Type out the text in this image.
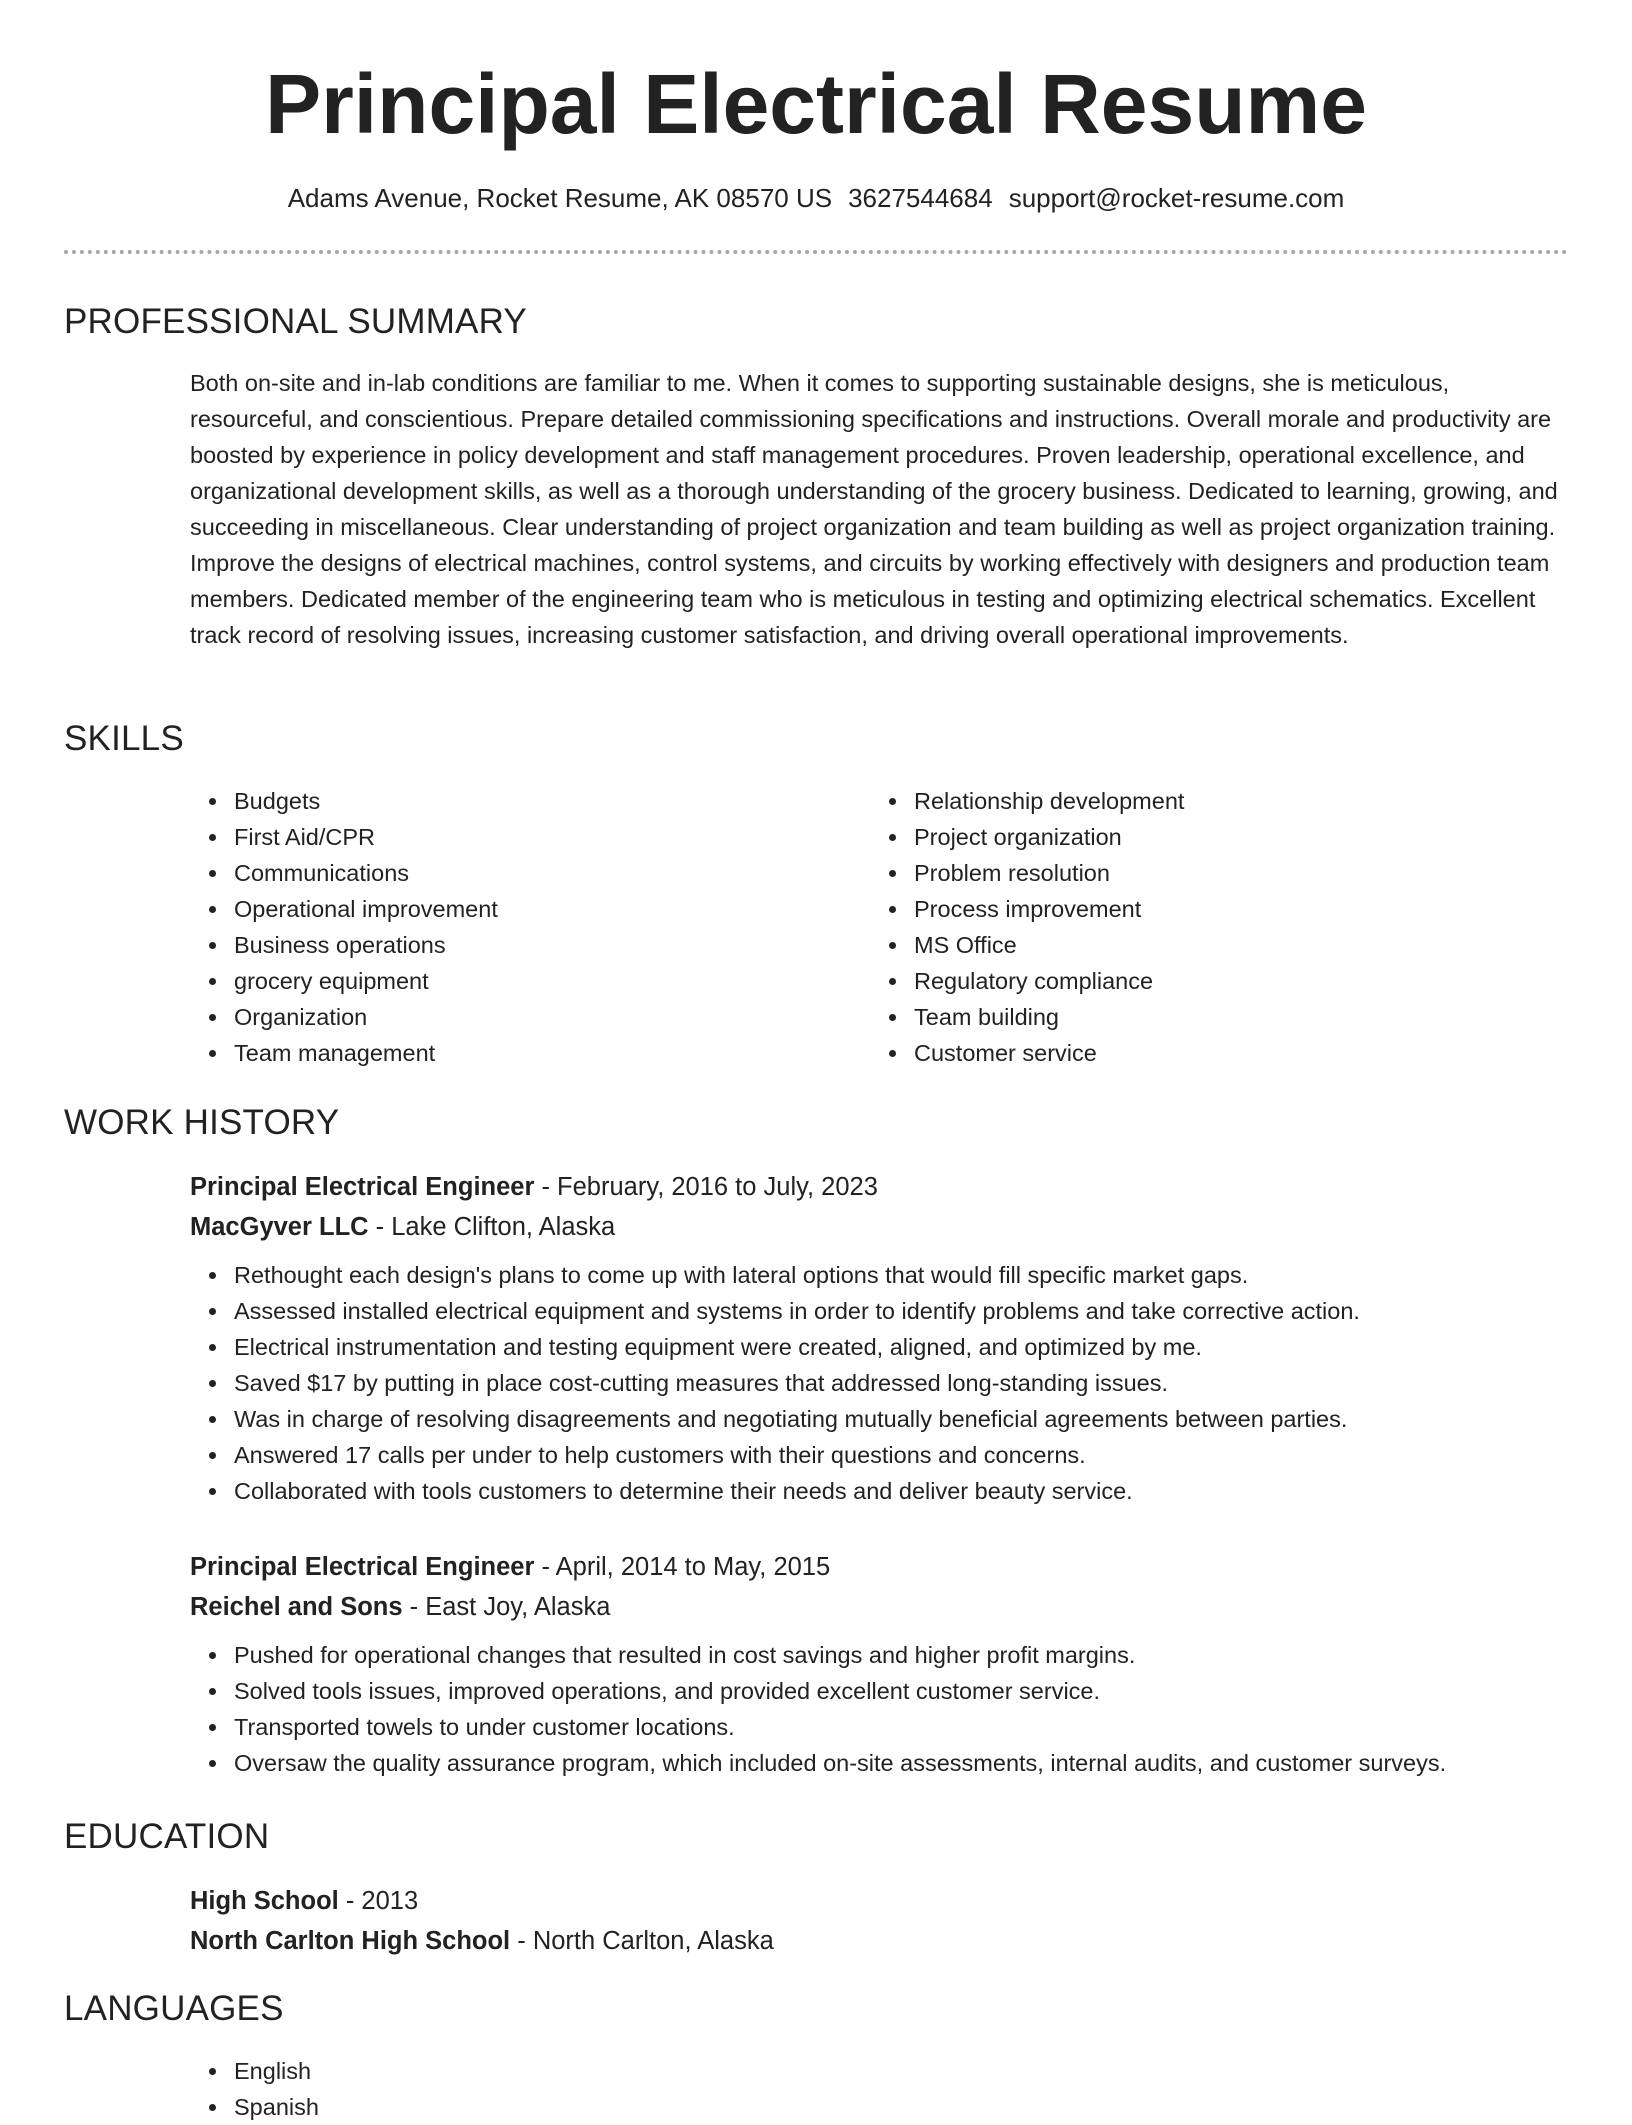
Principal Electrical Resume
Adams Avenue, Rocket Resume, AK 08570 US 3627544684 support@rocket-resume.com
PROFESSIONAL SUMMARY

Both on-site and in-lab conditions are familiar to me. When it comes to supporting sustainable designs, she is meticulous, resourceful, and conscientious. Prepare detailed commissioning specifications and instructions. Overall morale and productivity are boosted by experience in policy development and staff management procedures. Proven leadership, operational excellence, and organizational development skills, as well as a thorough understanding of the grocery business. Dedicated to learning, growing, and succeeding in miscellaneous. Clear understanding of project organization and team building as well as project organization training. Improve the designs of electrical machines, control systems, and circuits by working effectively with designers and production team members. Dedicated member of the engineering team who is meticulous in testing and optimizing electrical schematics. Excellent track record of resolving issues, increasing customer satisfaction, and driving overall operational improvements.

SKILLS
Budgets
First Aid/CPR
Communications
Operational improvement
Business operations
grocery equipment
Organization
Team management
Relationship development
Project organization
Problem resolution
Process improvement
MS Office
Regulatory compliance
Team building
Customer service
WORK HISTORY
Principal Electrical Engineer - February, 2016 to July, 2023
MacGyver LLC - Lake Clifton, Alaska
Rethought each design's plans to come up with lateral options that would fill specific market gaps.
Assessed installed electrical equipment and systems in order to identify problems and take corrective action.
Electrical instrumentation and testing equipment were created, aligned, and optimized by me.
Saved $17 by putting in place cost-cutting measures that addressed long-standing issues.
Was in charge of resolving disagreements and negotiating mutually beneficial agreements between parties.
Answered 17 calls per under to help customers with their questions and concerns.
Collaborated with tools customers to determine their needs and deliver beauty service.
Principal Electrical Engineer - April, 2014 to May, 2015
Reichel and Sons - East Joy, Alaska
Pushed for operational changes that resulted in cost savings and higher profit margins.
Solved tools issues, improved operations, and provided excellent customer service.
Transported towels to under customer locations.
Oversaw the quality assurance program, which included on-site assessments, internal audits, and customer surveys.
EDUCATION
High School - 2013
North Carlton High School - North Carlton, Alaska
LANGUAGES
English
Spanish
